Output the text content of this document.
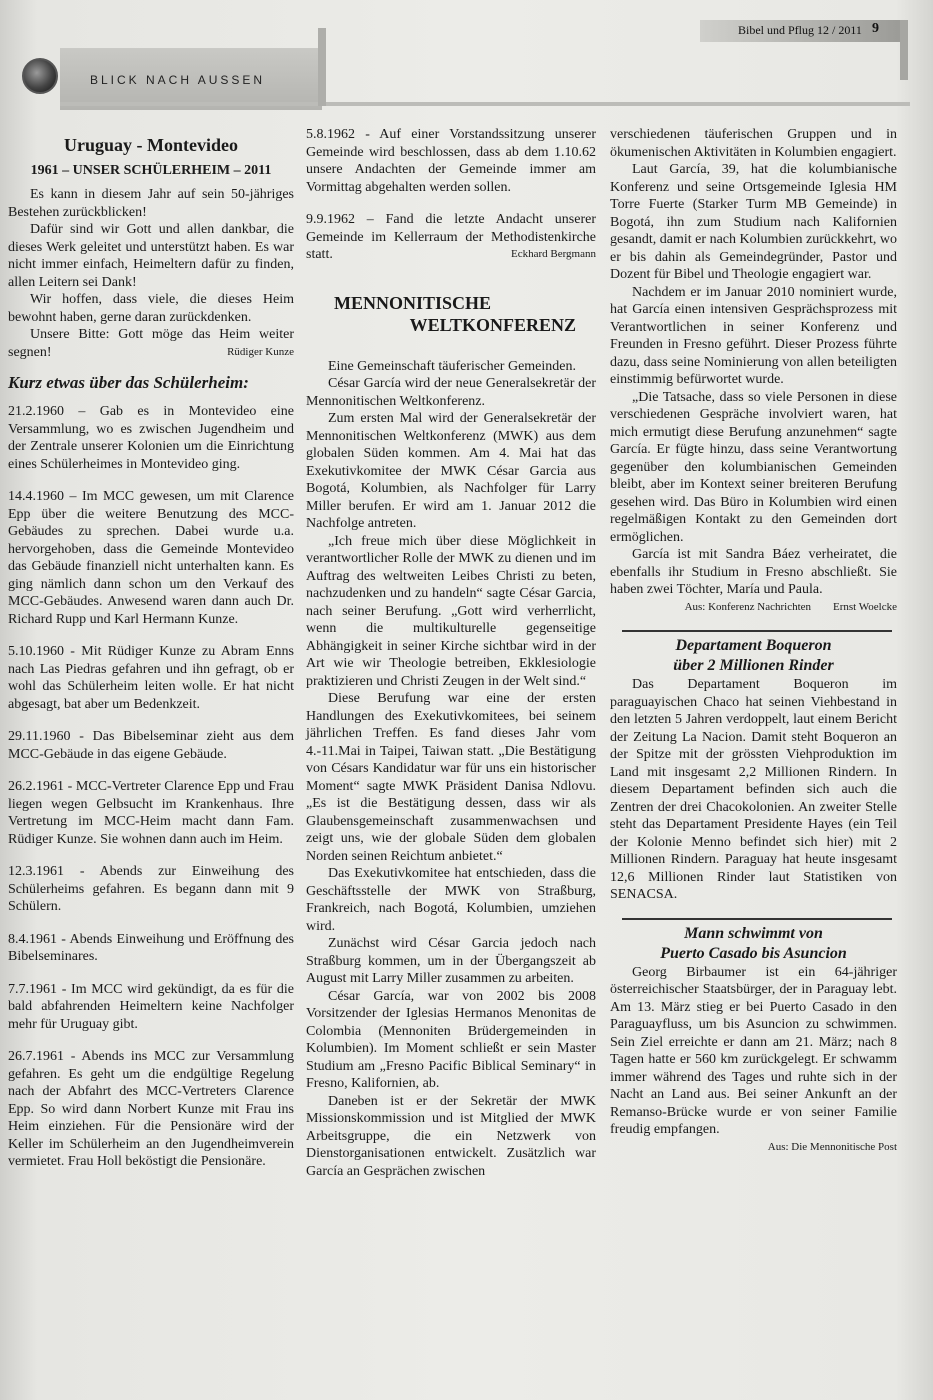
Bibel und Pflug 12 / 2011 9
BLICK NACH AUSSEN
Uruguay - Montevideo
1961 – UNSER SCHÜLERHEIM – 2011

Es kann in diesem Jahr auf sein 50-jähriges Bestehen zurückblicken!

Dafür sind wir Gott und allen dankbar, die dieses Werk geleitet und unterstützt haben. Es war nicht immer einfach, Heimeltern dafür zu finden, allen Leitern sei Dank!

Wir hoffen, dass viele, die dieses Heim bewohnt haben, gerne daran zurückdenken.

Unsere Bitte: Gott möge das Heim weiter segnen!	Rüdiger Kunze

Kurz etwas über das Schülerheim:

21.2.1960 – Gab es in Montevideo eine Versammlung, wo es zwischen Jugendheim und der Zentrale unserer Kolonien um die Einrichtung eines Schülerheimes in Montevideo ging.

14.4.1960 – Im MCC gewesen, um mit Clarence Epp über die weitere Benutzung des MCC-Gebäudes zu sprechen. Dabei wurde u.a. hervorgehoben, dass die Gemeinde Montevideo das Gebäude finanziell nicht unterhalten kann. Es ging nämlich dann schon um den Verkauf des MCC-Gebäudes. Anwesend waren dann auch Dr. Richard Rupp und Karl Hermann Kunze.

5.10.1960 - Mit Rüdiger Kunze zu Abram Enns nach Las Piedras gefahren und ihn gefragt, ob er wohl das Schülerheim leiten wolle. Er hat nicht abgesagt, bat aber um Bedenkzeit.

29.11.1960 - Das Bibelseminar zieht aus dem MCC-Gebäude in das eigene Gebäude.

26.2.1961 - MCC-Vertreter Clarence Epp und Frau liegen wegen Gelbsucht im Krankenhaus. Ihre Vertretung im MCC-Heim macht dann Fam. Rüdiger Kunze. Sie wohnen dann auch im Heim.

12.3.1961 - Abends zur Einweihung des Schülerheims gefahren. Es begann dann mit 9 Schülern.

8.4.1961 - Abends Einweihung und Eröffnung des Bibelseminares.

7.7.1961 - Im MCC wird gekündigt, da es für die bald abfahrenden Heimeltern keine Nachfolger mehr für Uruguay gibt.

26.7.1961 - Abends ins MCC zur Versammlung gefahren. Es geht um die endgültige Regelung nach der Abfahrt des MCC-Vertreters Clarence Epp. So wird dann Norbert Kunze mit Frau ins Heim einziehen. Für die Pensionäre wird der Keller im Schülerheim an den Jugendheimverein vermietet. Frau Holl beköstigt die Pensionäre.

5.8.1962 - Auf einer Vorstandssitzung unserer Gemeinde wird beschlossen, dass ab dem 1.10.62 unsere Andachten der Gemeinde immer am Vormittag abgehalten werden sollen.

9.9.1962 – Fand die letzte Andacht unserer Gemeinde im Kellerraum der Methodistenkirche statt.	Eckhard Bergmann

MENNONITISCHE
WELTKONFERENZ

Eine Gemeinschaft täuferischer Gemeinden.

César García wird der neue Generalsekretär der Mennonitischen Weltkonferenz.

Zum ersten Mal wird der Generalsekretär der Mennonitischen Weltkonferenz (MWK) aus dem globalen Süden kommen. Am 4. Mai hat das Exekutivkomitee der MWK César Garcia aus Bogotá, Kolumbien, als Nachfolger für Larry Miller berufen. Er wird am 1. Januar 2012 die Nachfolge antreten.

„Ich freue mich über diese Möglichkeit in verantwortlicher Rolle der MWK zu dienen und im Auftrag des weltweiten Leibes Christi zu beten, nachzudenken und zu handeln“ sagte César Garcia, nach seiner Berufung. „Gott wird verherrlicht, wenn die multikulturelle gegenseitige Abhängigkeit in seiner Kirche sichtbar wird in der Art wie wir Theologie betreiben, Ekklesiologie praktizieren und Christi Zeugen in der Welt sind.“

Diese Berufung war eine der ersten Handlungen des Exekutivkomitees, bei seinem jährlichen Treffen. Es fand dieses Jahr vom 4.-11.Mai in Taipei, Taiwan statt. „Die Bestätigung von Césars Kandidatur war für uns ein historischer Moment“ sagte MWK Präsident Danisa Ndlovu. „Es ist die Bestätigung dessen, dass wir als Glaubensgemeinschaft zusammenwachsen und zeigt uns, wie der globale Süden dem globalen Norden seinen Reichtum anbietet.“

Das Exekutivkomitee hat entschieden, dass die Geschäftsstelle der MWK von Straßburg, Frankreich, nach Bogotá, Kolumbien, umziehen wird.

Zunächst wird César Garcia jedoch nach Straßburg kommen, um in der Übergangszeit ab August mit Larry Miller zusammen zu arbeiten.

César García, war von 2002 bis 2008 Vorsitzender der Iglesias Hermanos Menonitas de Colombia (Mennoniten Brüdergemeinden in Kolumbien). Im Moment schließt er sein Master Studium am „Fresno Pacific Biblical Seminary“ in Fresno, Kalifornien, ab.

Daneben ist er der Sekretär der MWK Missionskommission und ist Mitglied der MWK Arbeitsgruppe, die ein Netzwerk von Dienstorganisationen entwickelt. Zusätzlich war García an Gesprächen zwischen

verschiedenen täuferischen Gruppen und in ökumenischen Aktivitäten in Kolumbien engagiert.

Laut García, 39, hat die kolumbianische Konferenz und seine Ortsgemeinde Iglesia HM Torre Fuerte (Starker Turm MB Gemeinde) in Bogotá, ihn zum Studium nach Kalifornien gesandt, damit er nach Kolumbien zurückkehrt, wo er bis dahin als Gemeindegründer, Pastor und Dozent für Bibel und Theologie engagiert war.

Nachdem er im Januar 2010 nominiert wurde, hat García einen intensiven Gesprächsprozess mit Verantwortlichen in seiner Konferenz und Freunden in Fresno geführt. Dieser Prozess führte dazu, dass seine Nominierung von allen beteiligten einstimmig befürwortet wurde.

„Die Tatsache, dass so viele Personen in diese verschiedenen Gespräche involviert waren, hat mich ermutigt diese Berufung anzunehmen“ sagte García. Er fügte hinzu, dass seine Verantwortung gegenüber den kolumbianischen Gemeinden bleibt, aber im Kontext seiner breiteren Berufung gesehen wird. Das Büro in Kolumbien wird einen regelmäßigen Kontakt zu den Gemeinden dort ermöglichen.

García ist mit Sandra Báez verheiratet, die ebenfalls ihr Studium in Fresno abschließt. Sie haben zwei Töchter, María und Paula.
Ernst Woelcke

Aus: Konferenz Nachrichten
Departament Boqueron
über 2 Millionen Rinder

Das Departament Boqueron im paraguayischen Chaco hat seinen Viehbestand in den letzten 5 Jahren verdoppelt, laut einem Bericht der Zeitung La Nacion. Damit steht Boqueron an der Spitze mit der grössten Viehproduktion im Land mit insgesamt 2,2 Millionen Rindern. In diesem Departament befinden sich auch die Zentren der drei Chacokolonien. An zweiter Stelle steht das Departament Presidente Hayes (ein Teil der Kolonie Menno befindet sich hier) mit 2 Millionen Rindern. Paraguay hat heute insgesamt 12,6 Millionen Rinder laut Statistiken von SENACSA.

Mann schwimmt von
Puerto Casado bis Asuncion

Georg Birbaumer ist ein 64-jähriger österreichischer Staatsbürger, der in Paraguay lebt. Am 13. März stieg er bei Puerto Casado in den Paraguayfluss, um bis Asuncion zu schwimmen. Sein Ziel erreichte er dann am 21. März; nach 8 Tagen hatte er 560 km zurückgelegt. Er schwamm immer während des Tages und ruhte sich in der Nacht an Land aus. Bei seiner Ankunft an der Remanso-Brücke wurde er von seiner Familie freudig empfangen.

Aus: Die Mennonitische Post
